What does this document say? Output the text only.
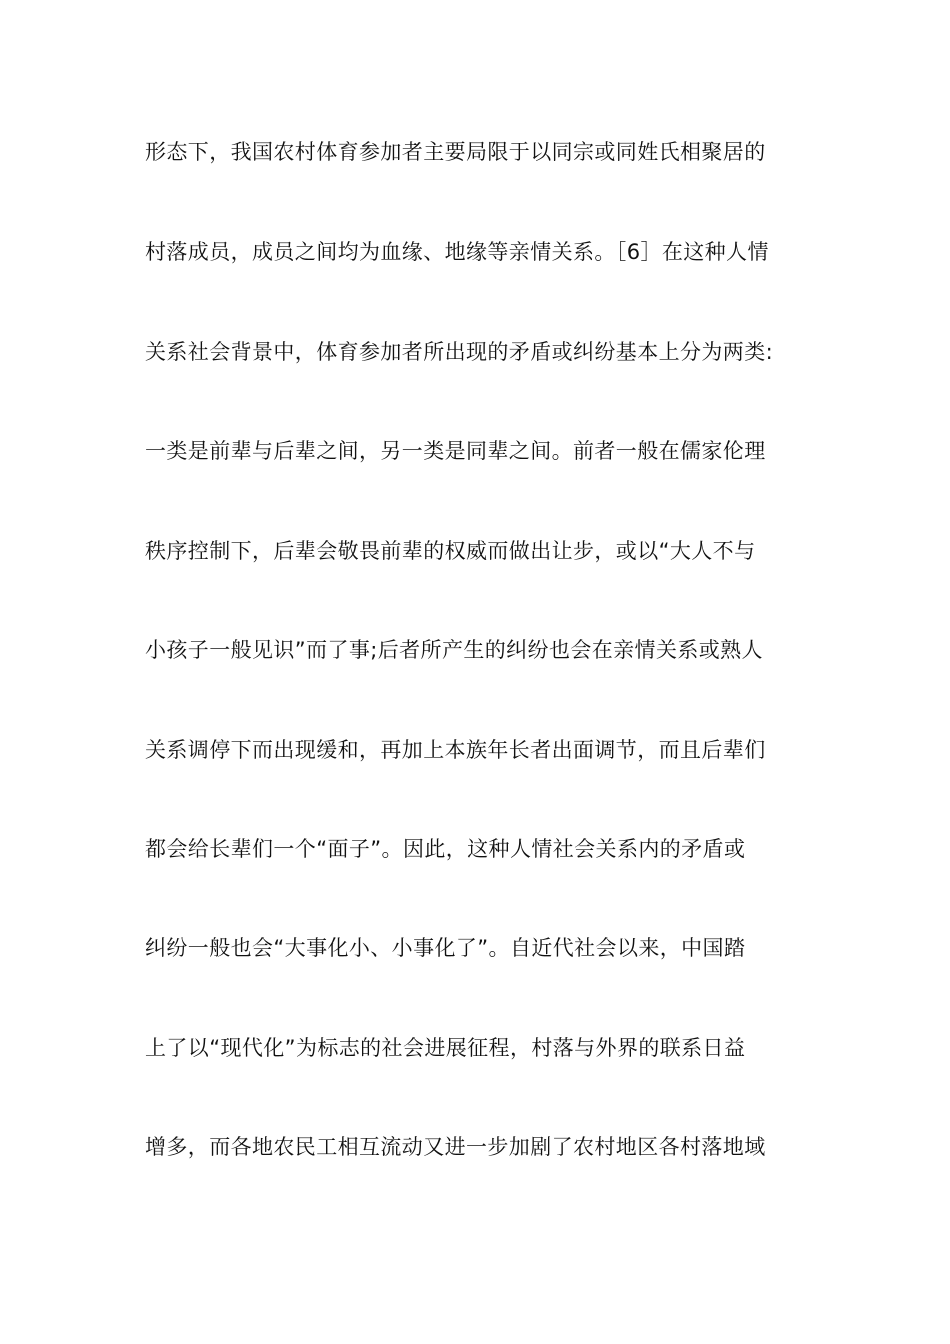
形态下，我国农村体育参加者主要局限于以同宗或同姓氏相聚居的
村落成员，成员之间均为血缘、地缘等亲情关系。［6］在这种人情
关系社会背景中，体育参加者所出现的矛盾或纠纷基本上分为两类:
一类是前辈与后辈之间，另一类是同辈之间。前者一般在儒家伦理
秩序控制下，后辈会敬畏前辈的权威而做出让步，或以“大人不与
小孩子一般见识”而了事;后者所产生的纠纷也会在亲情关系或熟人
关系调停下而出现缓和，再加上本族年长者出面调节，而且后辈们
都会给长辈们一个“面子”。因此，这种人情社会关系内的矛盾或
纠纷一般也会“大事化小、小事化了”。自近代社会以来，中国踏
上了以“现代化”为标志的社会进展征程，村落与外界的联系日益
增多，而各地农民工相互流动又进一步加剧了农村地区各村落地域
